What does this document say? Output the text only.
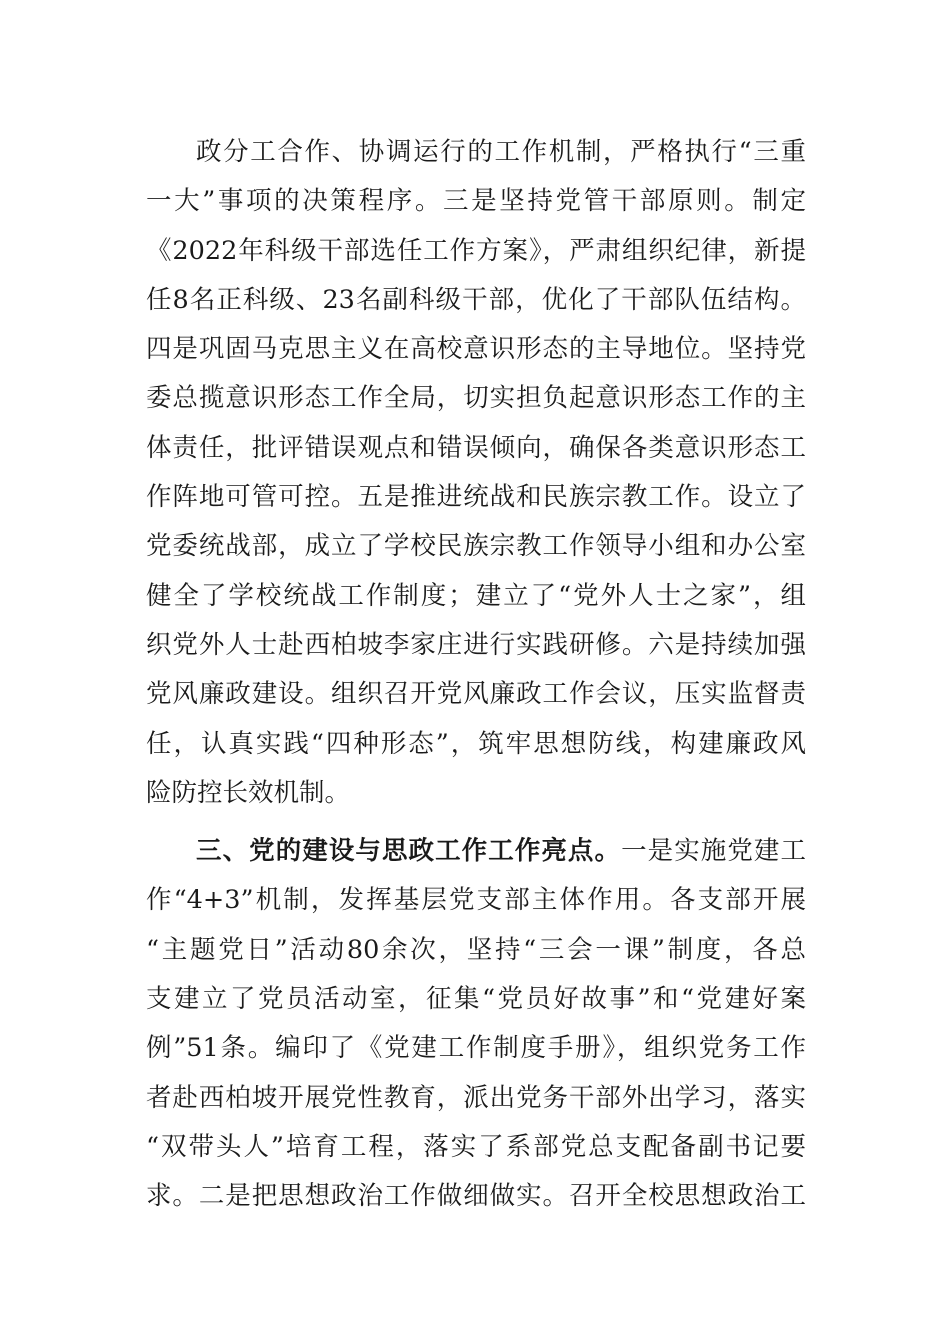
政分工合作、协调运行的工作机制，严格执行“三重
一大”事项的决策程序。三是坚持党管干部原则。制定
《2022年科级干部选任工作方案》，严肃组织纪律，新提
任8名正科级、23名副科级干部，优化了干部队伍结构。
四是巩固马克思主义在高校意识形态的主导地位。坚持党
委总揽意识形态工作全局，切实担负起意识形态工作的主
体责任，批评错误观点和错误倾向，确保各类意识形态工
作阵地可管可控。五是推进统战和民族宗教工作。设立了
党委统战部，成立了学校民族宗教工作领导小组和办公室
健全了学校统战工作制度；建立了“党外人士之家”，组
织党外人士赴西柏坡李家庄进行实践研修。六是持续加强
党风廉政建设。组织召开党风廉政工作会议，压实监督责
任，认真实践“四种形态”，筑牢思想防线，构建廉政风
险防控长效机制。
三、党的建设与思政工作工作亮点。一是实施党建工
作“4+3”机制，发挥基层党支部主体作用。各支部开展
“主题党日”活动80余次，坚持“三会一课”制度，各总
支建立了党员活动室，征集“党员好故事”和“党建好案
例”51条。编印了《党建工作制度手册》，组织党务工作
者赴西柏坡开展党性教育，派出党务干部外出学习，落实
“双带头人”培育工程，落实了系部党总支配备副书记要
求。二是把思想政治工作做细做实。召开全校思想政治工
